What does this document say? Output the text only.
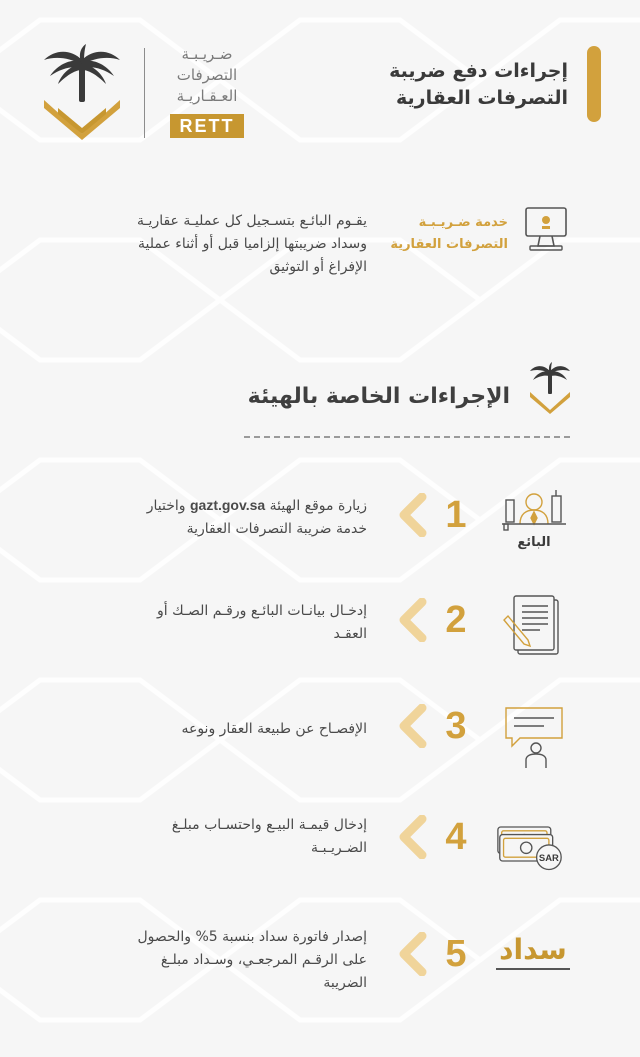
إجراءات دفع ضريبة
التصرفات العقارية
ضـريـبـة
التصرفات
العـقـاريـة
RETT
خدمة ضـريـبـة
التصرفات العقارية
يقـوم البائـع بتسـجيل كل عمليـة عقاريـة
وسداد ضريبتها إلزاميا قبل أو أثناء عملية
الإفراغ أو التوثيق
الإجراءات الخاصة بالهيئة
البائع
1
زيارة موقع الهيئة gazt.gov.sa واختيار
خدمة ضريبة التصرفات العقارية
2
إدخـال بيانـات البائـع ورقـم الصـك أو
العقـد
3
الإفصـاح عن طبيعة العقار ونوعه
SAR
4
إدخال قيمـة البيـع واحتسـاب مبلـغ
الضـريـبـة
سداد
5
إصدار فاتورة سداد بنسبة 5% والحصول
على الرقـم المرجعـي، وسـداد مبلـغ
الضريبة
